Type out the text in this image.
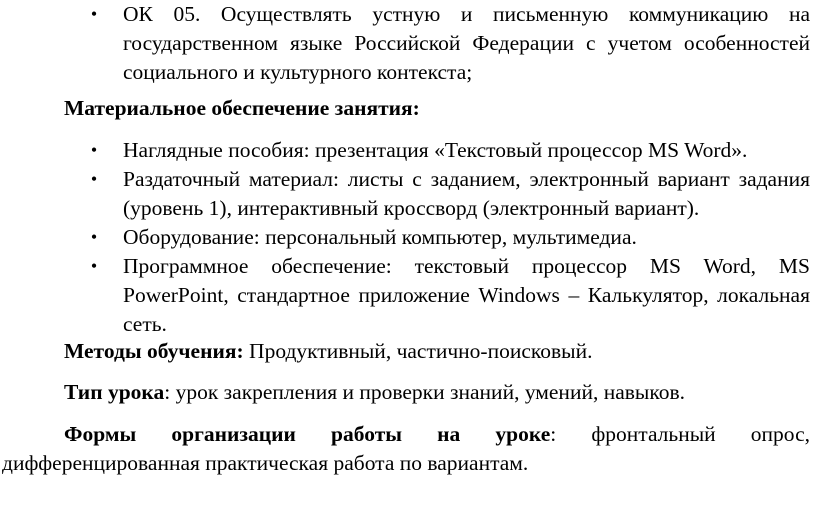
• ОК 05. Осуществлять устную и письменную коммуникацию на государственном языке Российской Федерации с учетом особенностей социального и культурного контекста;

Материальное обеспечение занятия:

• Наглядные пособия: презентация «Текстовый процессор MS Word».
• Раздаточный материал: листы с заданием, электронный вариант задания (уровень 1), интерактивный кроссворд (электронный вариант).
• Оборудование: персональный компьютер, мультимедиа.
• Программное обеспечение: текстовый процессор MS Word, MS PowerPoint, стандартное приложение Windows – Калькулятор, локальная сеть.

Методы обучения: Продуктивный, частично-поисковый.

Тип урока: урок закрепления и проверки знаний, умений, навыков.

Формы организации работы на уроке: фронтальный опрос, дифференцированная практическая работа по вариантам.
